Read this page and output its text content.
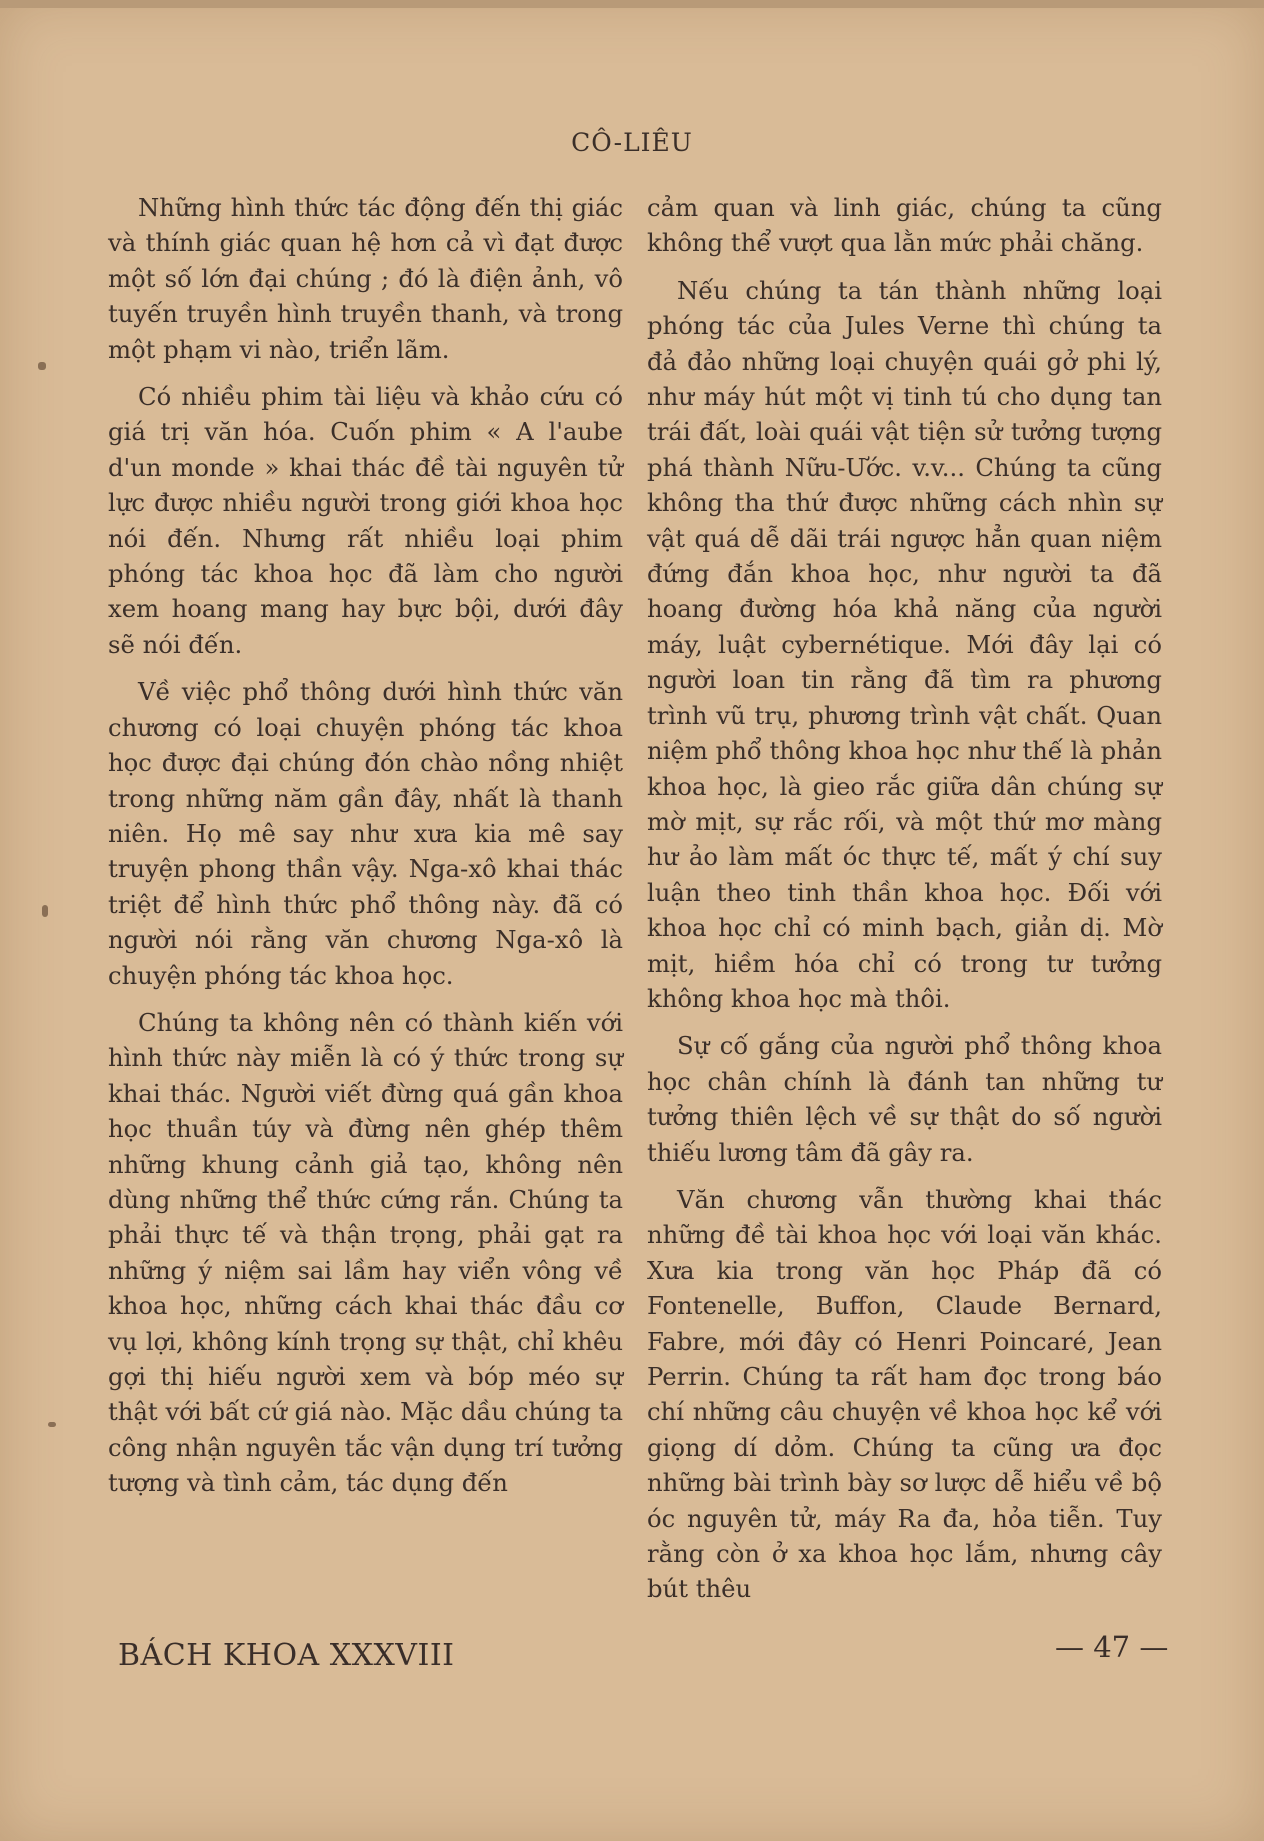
CÔ-LIÊU

Những hình thức tác động đến thị giác và thính giác quan hệ hơn cả vì đạt được một số lớn đại chúng ; đó là điện ảnh, vô tuyến truyền hình truyền thanh, và trong một phạm vi nào, triển lãm.

Có nhiều phim tài liệu và khảo cứu có giá trị văn hóa. Cuốn phim « A l'aube d'un monde » khai thác đề tài nguyên tử lực được nhiều người trong giới khoa học nói đến. Nhưng rất nhiều loại phim phóng tác khoa học đã làm cho người xem hoang mang hay bực bội, dưới đây sẽ nói đến.

Về việc phổ thông dưới hình thức văn chương có loại chuyện phóng tác khoa học được đại chúng đón chào nồng nhiệt trong những năm gần đây, nhất là thanh niên. Họ mê say như xưa kia mê say truyện phong thần vậy. Nga-xô khai thác triệt để hình thức phổ thông này. đã có người nói rằng văn chương Nga-xô là chuyện phóng tác khoa học.

Chúng ta không nên có thành kiến với hình thức này miễn là có ý thức trong sự khai thác. Người viết đừng quá gần khoa học thuần túy và đừng nên ghép thêm những khung cảnh giả tạo, không nên dùng những thể thức cứng rắn. Chúng ta phải thực tế và thận trọng, phải gạt ra những ý niệm sai lầm hay viển vông về khoa học, những cách khai thác đầu cơ vụ lợi, không kính trọng sự thật, chỉ khêu gợi thị hiếu người xem và bóp méo sự thật với bất cứ giá nào. Mặc dầu chúng ta công nhận nguyên tắc vận dụng trí tưởng tượng và tình cảm, tác dụng đến

cảm quan và linh giác, chúng ta cũng không thể vượt qua lằn mức phải chăng.

Nếu chúng ta tán thành những loại phóng tác của Jules Verne thì chúng ta đả đảo những loại chuyện quái gở phi lý, như máy hút một vị tinh tú cho dụng tan trái đất, loài quái vật tiện sử tưởng tượng phá thành Nữu-Ước. v.v... Chúng ta cũng không tha thứ được những cách nhìn sự vật quá dễ dãi trái ngược hẳn quan niệm đứng đắn khoa học, như người ta đã hoang đường hóa khả năng của người máy, luật cybernétique. Mới đây lại có người loan tin rằng đã tìm ra phương trình vũ trụ, phương trình vật chất. Quan niệm phổ thông khoa học như thế là phản khoa học, là gieo rắc giữa dân chúng sự mờ mịt, sự rắc rối, và một thứ mơ màng hư ảo làm mất óc thực tế, mất ý chí suy luận theo tinh thần khoa học. Đối với khoa học chỉ có minh bạch, giản dị. Mờ mịt, hiềm hóa chỉ có trong tư tưởng không khoa học mà thôi.

Sự cố gắng của người phổ thông khoa học chân chính là đánh tan những tư tưởng thiên lệch về sự thật do số người thiếu lương tâm đã gây ra.

Văn chương vẫn thường khai thác những đề tài khoa học với loại văn khác. Xưa kia trong văn học Pháp đã có Fontenelle, Buffon, Claude Bernard, Fabre, mới đây có Henri Poincaré, Jean Perrin. Chúng ta rất ham đọc trong báo chí những câu chuyện về khoa học kể với giọng dí dỏm. Chúng ta cũng ưa đọc những bài trình bày sơ lược dễ hiểu về bộ óc nguyên tử, máy Ra đa, hỏa tiễn. Tuy rằng còn ở xa khoa học lắm, nhưng cây bút thêu

BÁCH KHOA XXXVIII	— 47 —
